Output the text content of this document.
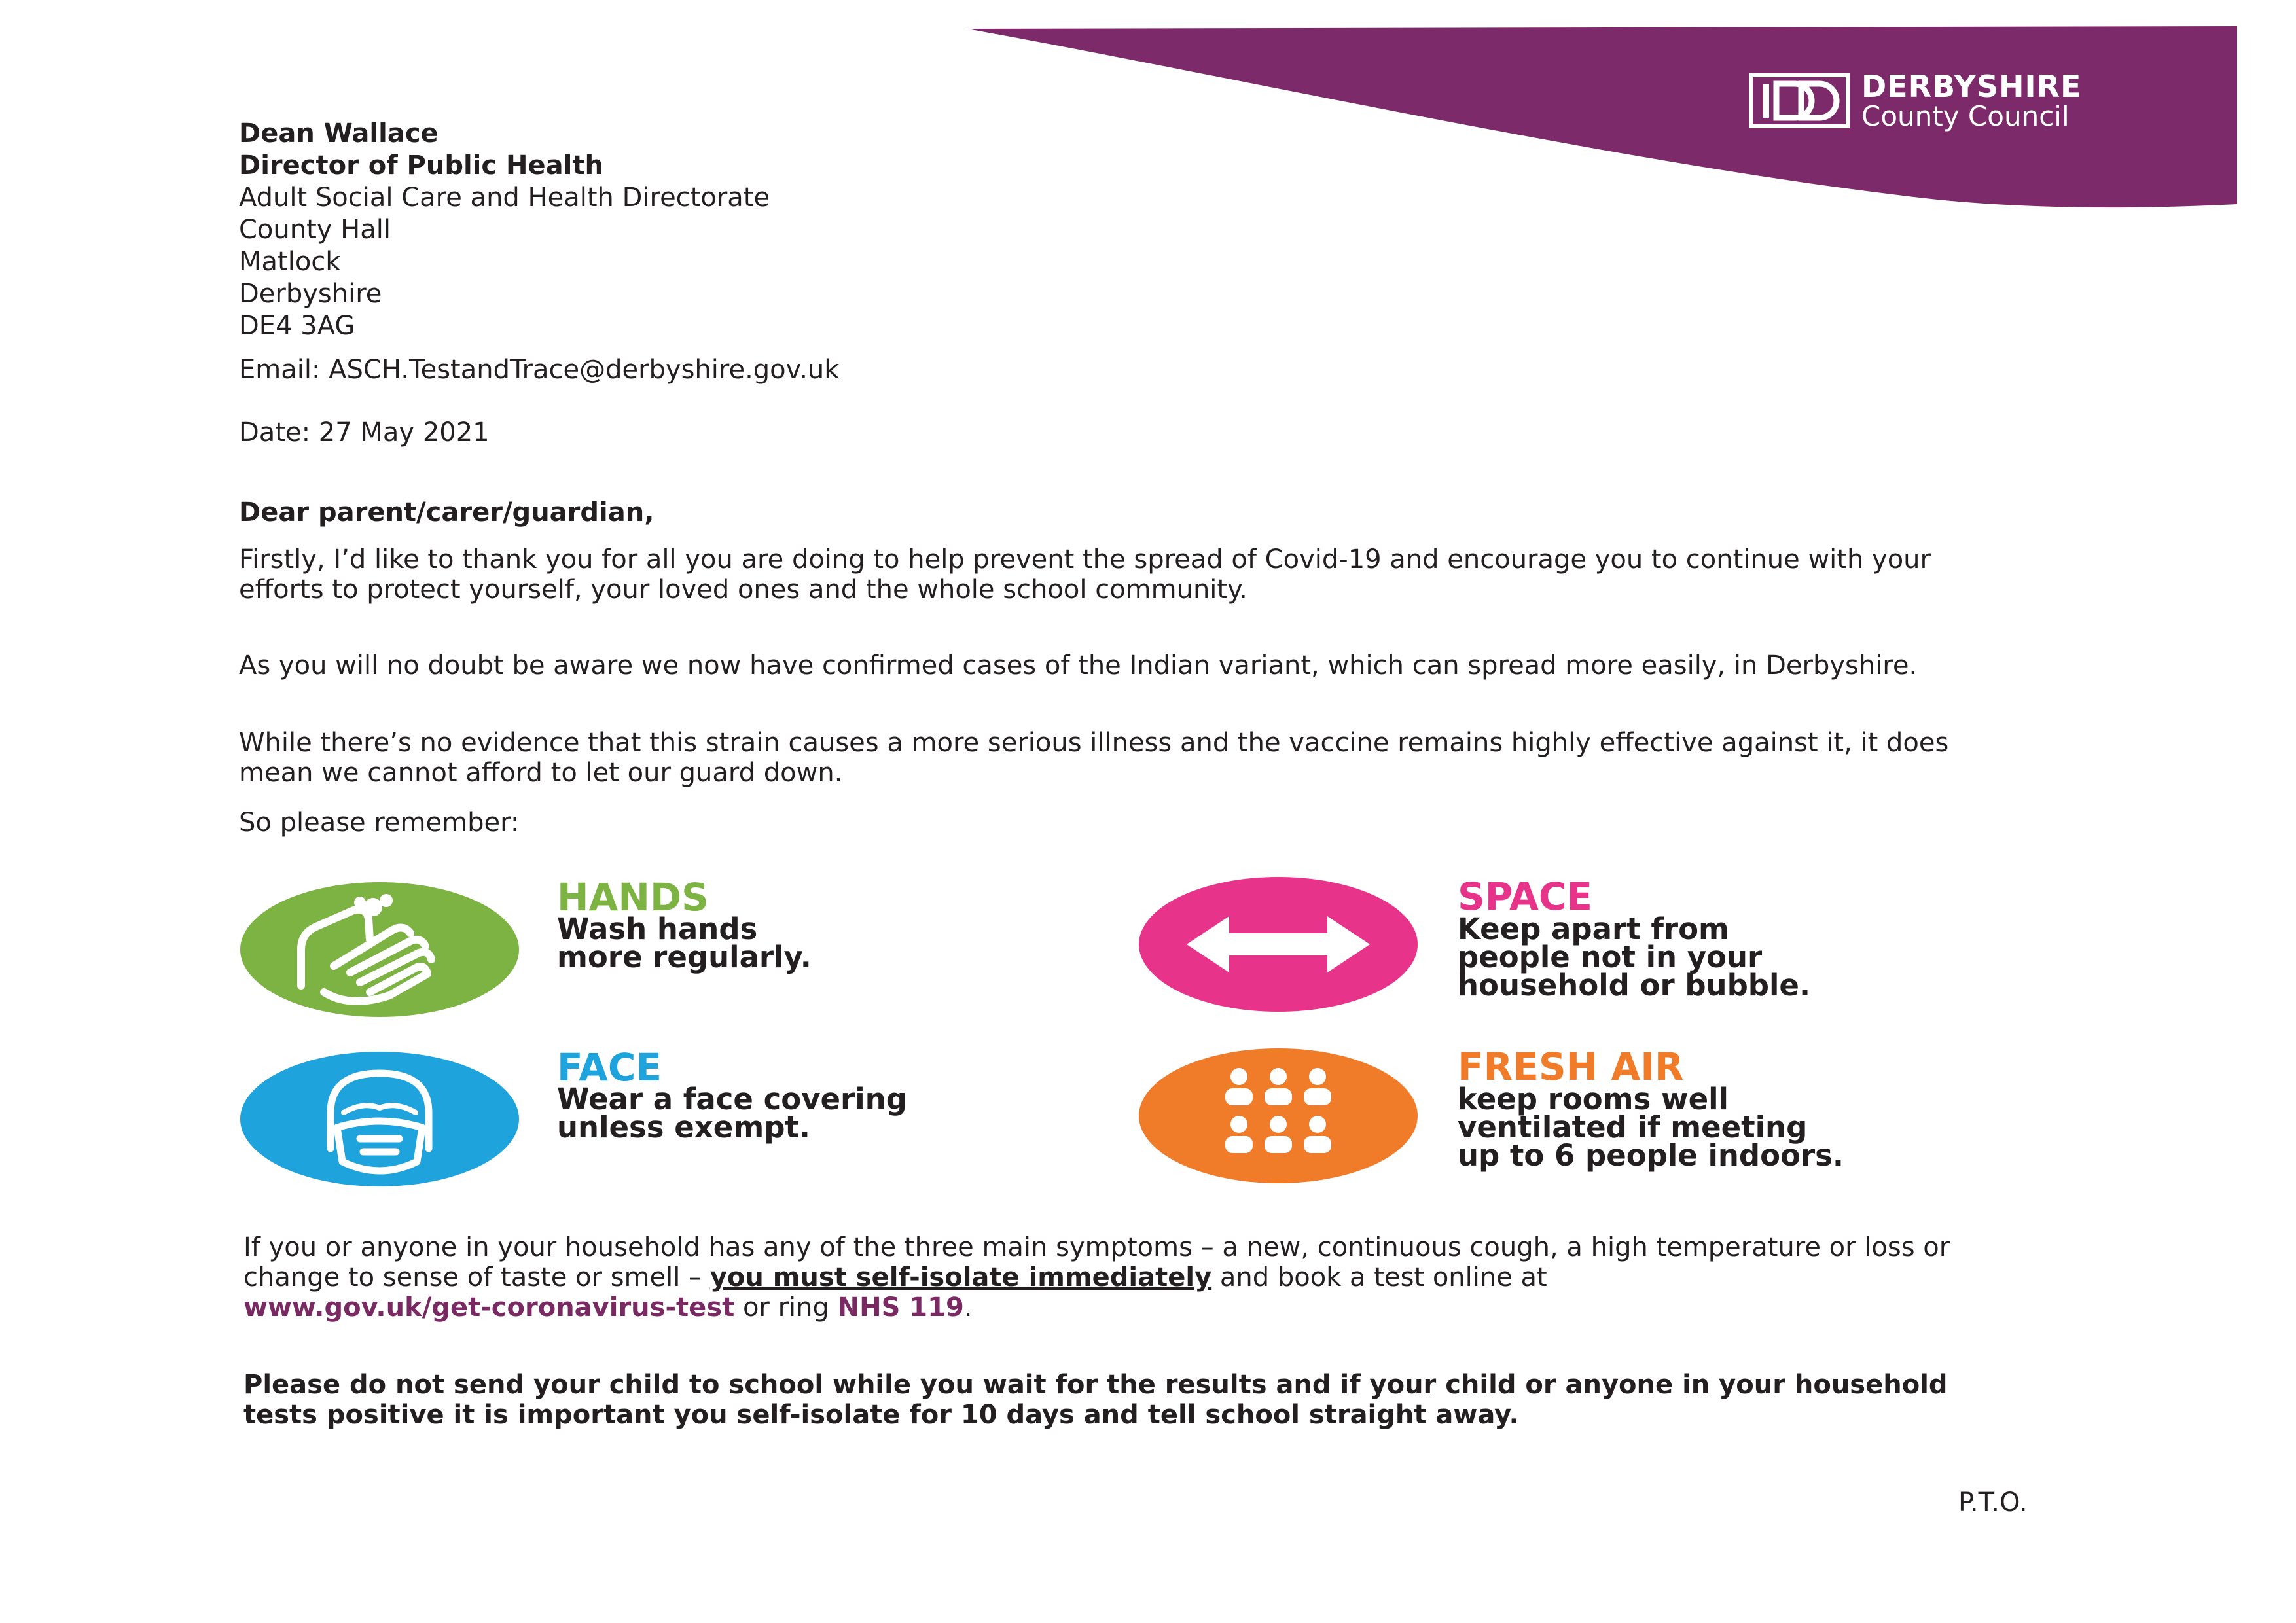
DERBYSHIRE
County Council
Dean Wallace
Director of Public Health
Adult Social Care and Health Directorate
County Hall
Matlock
Derbyshire
DE4 3AG
Email: ASCH.TestandTrace@derbyshire.gov.uk
Date: 27 May 2021
Dear parent/carer/guardian,
Firstly, I’d like to thank you for all you are doing to help prevent the spread of Covid-19 and encourage you to continue with your efforts to protect yourself, your loved ones and the whole school community.
As you will no doubt be aware we now have confirmed cases of the Indian variant, which can spread more easily, in Derbyshire.
While there’s no evidence that this strain causes a more serious illness and the vaccine remains highly effective against it, it does mean we cannot afford to let our guard down.
So please remember:
HANDS
Wash hands
more regularly.
SPACE
Keep apart from
people not in your
household or bubble.
FACE
Wear a face covering
unless exempt.
FRESH AIR
keep rooms well
ventilated if meeting
up to 6 people indoors.
If you or anyone in your household has any of the three main symptoms – a new, continuous cough, a high temperature or loss or change to sense of taste or smell – you must self-isolate immediately and book a test online at
www.gov.uk/get-coronavirus-test or ring NHS 119.
Please do not send your child to school while you wait for the results and if your child or anyone in your household tests positive it is important you self-isolate for 10 days and tell school straight away.
P.T.O.
